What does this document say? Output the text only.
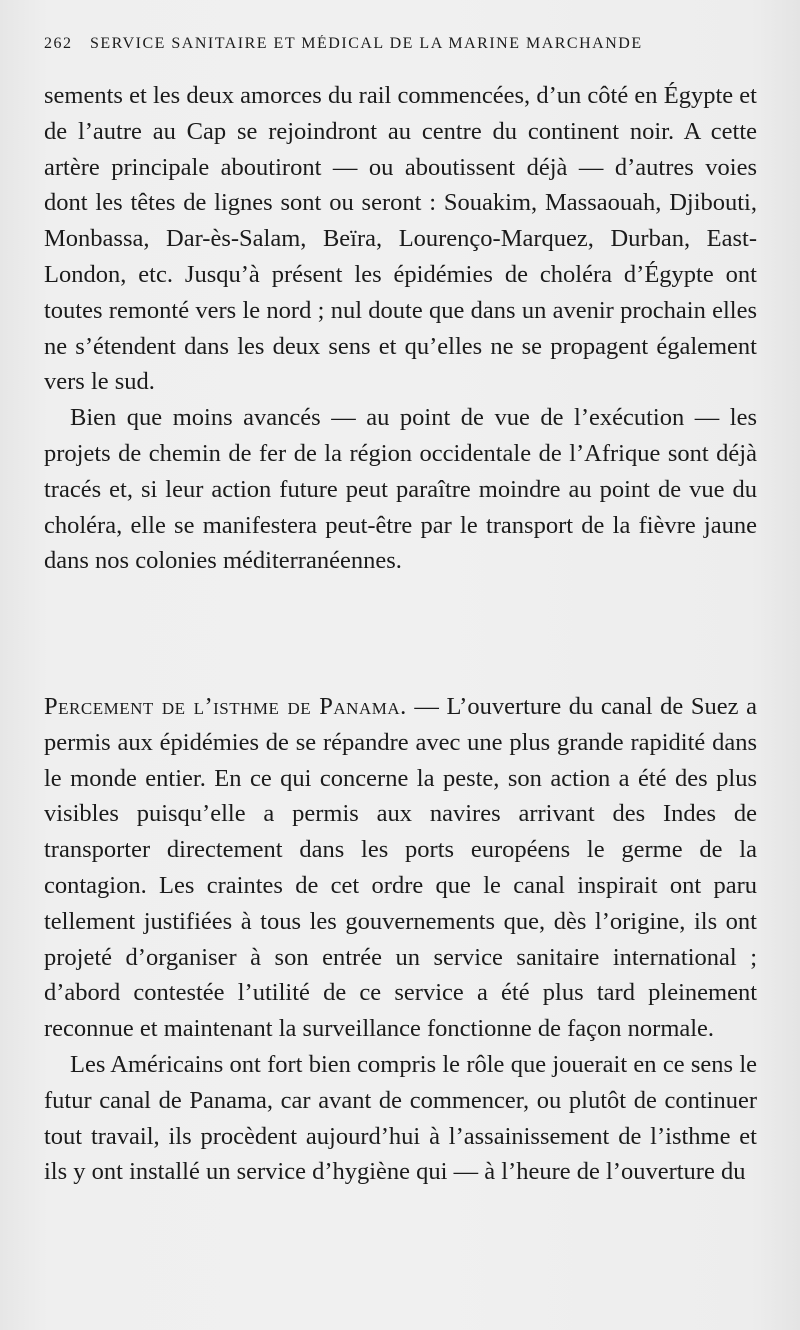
262 SERVICE SANITAIRE ET MÉDICAL DE LA MARINE MARCHANDE

sements et les deux amorces du rail commencées, d’un côté en Égypte et de l’autre au Cap se rejoindront au centre du continent noir. A cette artère principale aboutiront — ou aboutissent déjà — d’autres voies dont les têtes de lignes sont ou seront : Souakim, Massaouah, Djibouti, Monbassa, Dar-ès-Salam, Beïra, Lourenço-Marquez, Durban, East-London, etc. Jusqu’à présent les épidémies de choléra d’Égypte ont toutes remonté vers le nord ; nul doute que dans un avenir prochain elles ne s’étendent dans les deux sens et qu’elles ne se propagent également vers le sud.

Bien que moins avancés — au point de vue de l’exécution — les projets de chemin de fer de la région occidentale de l’Afrique sont déjà tracés et, si leur action future peut paraître moindre au point de vue du choléra, elle se manifestera peut-être par le transport de la fièvre jaune dans nos colonies méditerranéennes.

Percement de l’isthme de Panama. — L’ouverture du canal de Suez a permis aux épidémies de se répandre avec une plus grande rapidité dans le monde entier. En ce qui concerne la peste, son action a été des plus visibles puisqu’elle a permis aux navires arrivant des Indes de transporter directement dans les ports européens le germe de la contagion. Les craintes de cet ordre que le canal inspirait ont paru tellement justifiées à tous les gouvernements que, dès l’origine, ils ont projeté d’organiser à son entrée un service sanitaire international ; d’abord contestée l’utilité de ce service a été plus tard pleinement reconnue et maintenant la surveillance fonctionne de façon normale.

Les Américains ont fort bien compris le rôle que jouerait en ce sens le futur canal de Panama, car avant de commencer, ou plutôt de continuer tout travail, ils procèdent aujourd’hui à l’assainissement de l’isthme et ils y ont installé un service d’hygiène qui — à l’heure de l’ouverture du
